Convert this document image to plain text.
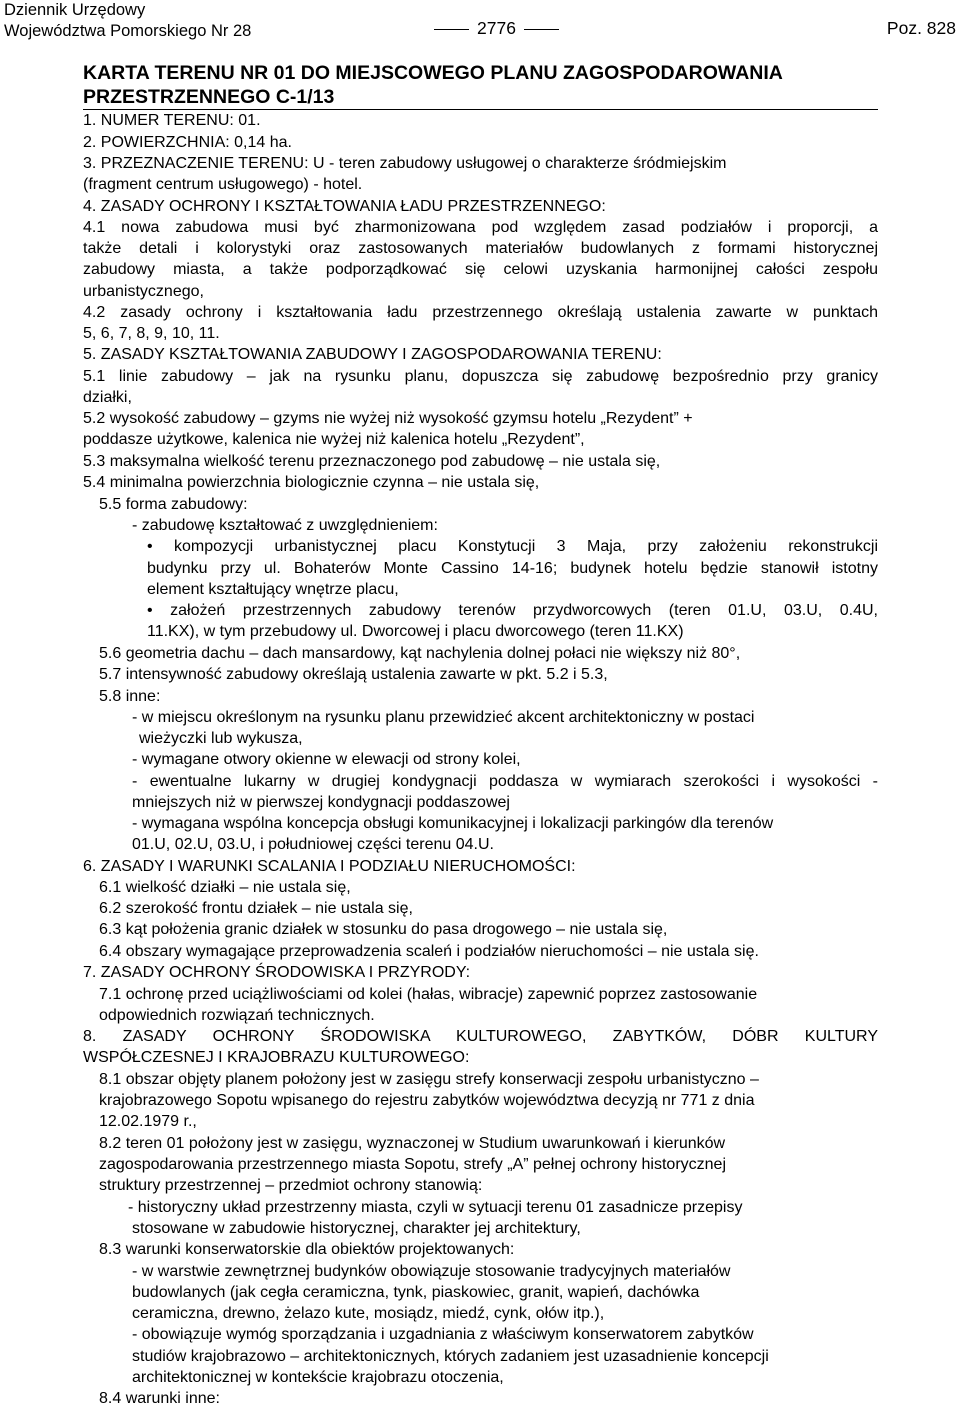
Dziennik Urzędowy
Województwa Pomorskiego Nr 28	2776	Poz. 828
KARTA TERENU NR 01 DO MIEJSCOWEGO PLANU ZAGOSPODAROWANIA
PRZESTRZENNEGO C-1/13
1. NUMER TERENU: 01.
2. POWIERZCHNIA: 0,14 ha.
3. PRZEZNACZENIE TERENU: U - teren zabudowy usługowej o charakterze śródmiejskim
(fragment centrum usługowego) - hotel.
4. ZASADY OCHRONY I KSZTAŁTOWANIA ŁADU PRZESTRZENNEGO:
4.1 nowa zabudowa musi być zharmonizowana pod względem zasad podziałów i proporcji, a
także detali i kolorystyki oraz zastosowanych materiałów budowlanych z formami historycznej
zabudowy miasta, a także podporządkować się celowi uzyskania harmonijnej całości zespołu
urbanistycznego,
4.2 zasady ochrony i kształtowania ładu przestrzennego określają ustalenia zawarte w punktach
5, 6, 7, 8, 9, 10, 11.
5. ZASADY KSZTAŁTOWANIA ZABUDOWY I ZAGOSPODAROWANIA TERENU:
5.1 linie zabudowy – jak na rysunku planu, dopuszcza się zabudowę bezpośrednio przy granicy
działki,
5.2 wysokość zabudowy – gzyms nie wyżej niż wysokość gzymsu hotelu „Rezydent” +
poddasze użytkowe, kalenica nie wyżej niż kalenica hotelu „Rezydent”,
5.3 maksymalna wielkość terenu przeznaczonego pod zabudowę – nie ustala się,
5.4 minimalna powierzchnia biologicznie czynna – nie ustala się,
5.5 forma zabudowy:
- zabudowę kształtować z uwzględnieniem:
• kompozycji urbanistycznej placu Konstytucji 3 Maja, przy założeniu rekonstrukcji
budynku przy ul. Bohaterów Monte Cassino 14-16; budynek hotelu będzie stanowił istotny
element kształtujący wnętrze placu,
• założeń przestrzennych zabudowy terenów przydworcowych (teren 01.U, 03.U, 0.4U,
11.KX), w tym przebudowy ul. Dworcowej i placu dworcowego (teren 11.KX)
5.6 geometria dachu – dach mansardowy, kąt nachylenia dolnej połaci nie większy niż 80°,
5.7 intensywność zabudowy określają ustalenia zawarte w pkt. 5.2 i 5.3,
5.8 inne:
- w miejscu określonym na rysunku planu przewidzieć akcent architektoniczny w postaci
wieżyczki lub wykusza,
- wymagane otwory okienne w elewacji od strony kolei,
- ewentualne lukarny w drugiej kondygnacji poddasza w wymiarach szerokości i wysokości -
mniejszych niż w pierwszej kondygnacji poddaszowej
- wymagana wspólna koncepcja obsługi komunikacyjnej i lokalizacji parkingów dla terenów
01.U, 02.U, 03.U, i południowej części terenu 04.U.
6. ZASADY I WARUNKI SCALANIA I PODZIAŁU NIERUCHOMOŚCI:
6.1 wielkość działki – nie ustala się,
6.2 szerokość frontu działek – nie ustala się,
6.3 kąt położenia granic działek w stosunku do pasa drogowego – nie ustala się,
6.4 obszary wymagające przeprowadzenia scaleń i podziałów nieruchomości – nie ustala się.
7. ZASADY OCHRONY ŚRODOWISKA I PRZYRODY:
7.1 ochronę przed uciążliwościami od kolei (hałas, wibracje) zapewnić poprzez zastosowanie
odpowiednich rozwiązań technicznych.
8. ZASADY OCHRONY ŚRODOWISKA KULTUROWEGO, ZABYTKÓW, DÓBR KULTURY
WSPÓŁCZESNEJ I KRAJOBRAZU KULTUROWEGO:
8.1 obszar objęty planem położony jest w zasięgu strefy konserwacji zespołu urbanistyczno –
krajobrazowego Sopotu wpisanego do rejestru zabytków województwa decyzją nr 771 z dnia
12.02.1979 r.,
8.2 teren 01 położony jest w zasięgu, wyznaczonej w Studium uwarunkowań i kierunków
zagospodarowania przestrzennego miasta Sopotu, strefy „A” pełnej ochrony historycznej
struktury przestrzennej – przedmiot ochrony stanowią:
- historyczny układ przestrzenny miasta, czyli w sytuacji terenu 01 zasadnicze przepisy
stosowane w zabudowie historycznej, charakter jej architektury,
8.3 warunki konserwatorskie dla obiektów projektowanych:
- w warstwie zewnętrznej budynków obowiązuje stosowanie tradycyjnych materiałów
budowlanych (jak cegła ceramiczna, tynk, piaskowiec, granit, wapień, dachówka
ceramiczna, drewno, żelazo kute, mosiądz, miedź, cynk, ołów itp.),
- obowiązuje wymóg sporządzania i uzgadniania z właściwym konserwatorem zabytków
studiów krajobrazowo – architektonicznych, których zadaniem jest uzasadnienie koncepcji
architektonicznej w kontekście krajobrazu otoczenia,
8.4 warunki inne:
